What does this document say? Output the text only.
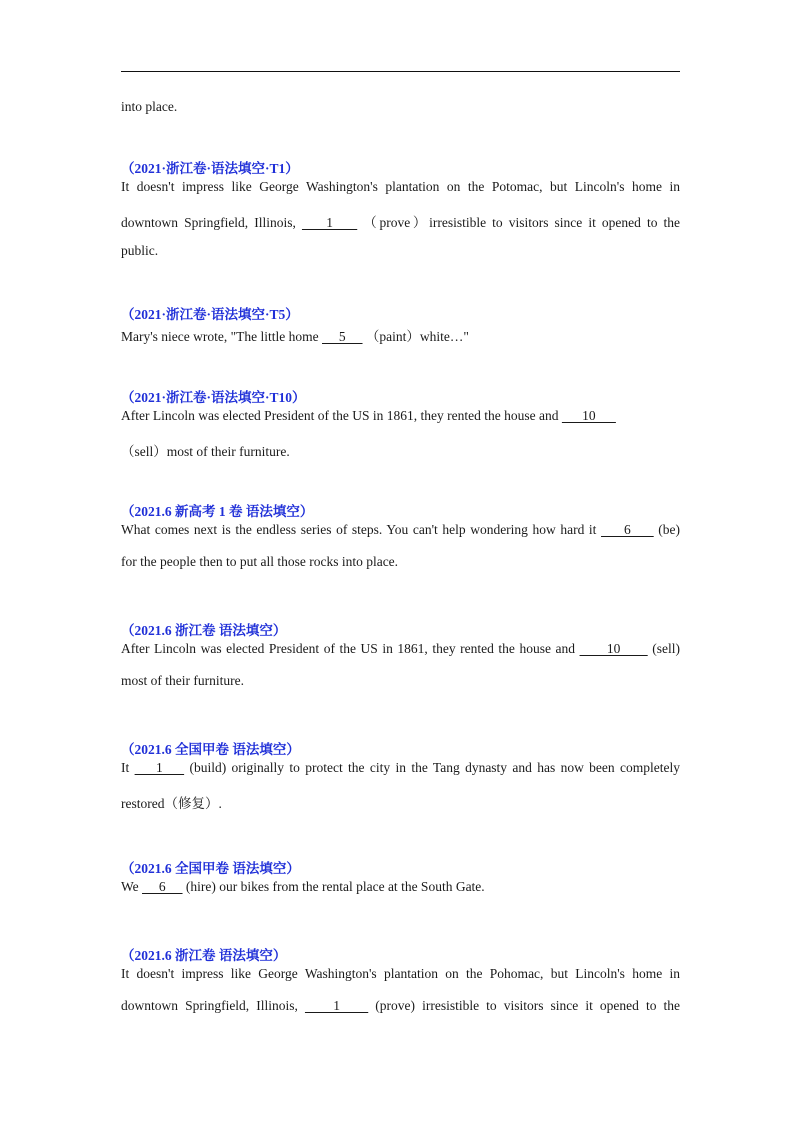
into place.
（2021·浙江卷·语法填空·T1）
It doesn't impress like George Washington's plantation on the Potomac, but Lincoln's home in
downtown Springfield, Illinois,     1     （prove）irresistible to visitors since it opened to the
public.
（2021·浙江卷·语法填空·T5）
Mary's niece wrote, "The little home      5      （paint）white…"
（2021·浙江卷·语法填空·T10）
After Lincoln was elected President of the US in 1861, they rented the house and       10
（sell）most of their furniture.
（2021.6 新高考 1 卷 语法填空）
What comes next is the endless series of steps. You can't help wondering how hard it      6      (be)
for the people then to put all those rocks into place.
（2021.6 浙江卷 语法填空）
After Lincoln was elected President of the US in 1861, they rented the house and       10       (sell)
most of their furniture.
（2021.6 全国甲卷 语法填空）
It     1     (build) originally to protect the city in the Tang dynasty and has now been completely
restored（修复）.
（2021.6 全国甲卷 语法填空）
We      6      (hire) our bikes from the rental place at the South Gate.
（2021.6 浙江卷 语法填空）
It doesn't impress like George Washington's plantation on the Pohomac, but Lincoln's home in
downtown Springfield, Illinois,     1     (prove) irresistible to visitors since it opened to the
